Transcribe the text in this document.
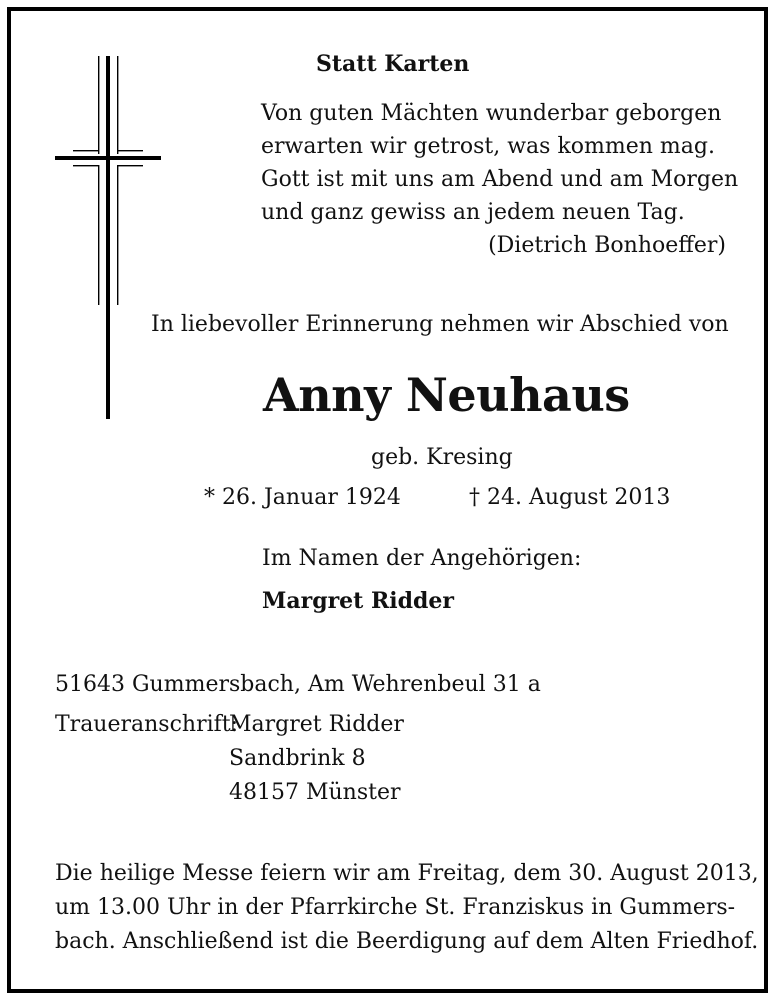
Statt Karten
Von guten Mächten wunderbar geborgen
erwarten wir getrost, was kommen mag.
Gott ist mit uns am Abend und am Morgen
und ganz gewiss an jedem neuen Tag.
(Dietrich Bonhoeffer)
In liebevoller Erinnerung nehmen wir Abschied von
Anny Neuhaus
geb. Kresing
* 26. Januar 1924	† 24. August 2013
Im Namen der Angehörigen:
Margret Ridder
51643 Gummersbach, Am Wehrenbeul 31 a
Traueranschrift:
Margret Ridder
Sandbrink 8
48157 Münster
Die heilige Messe feiern wir am Freitag, dem 30. August 2013,
um 13.00 Uhr in der Pfarrkirche St. Franziskus in Gummers-
bach. Anschließend ist die Beerdigung auf dem Alten Friedhof.
